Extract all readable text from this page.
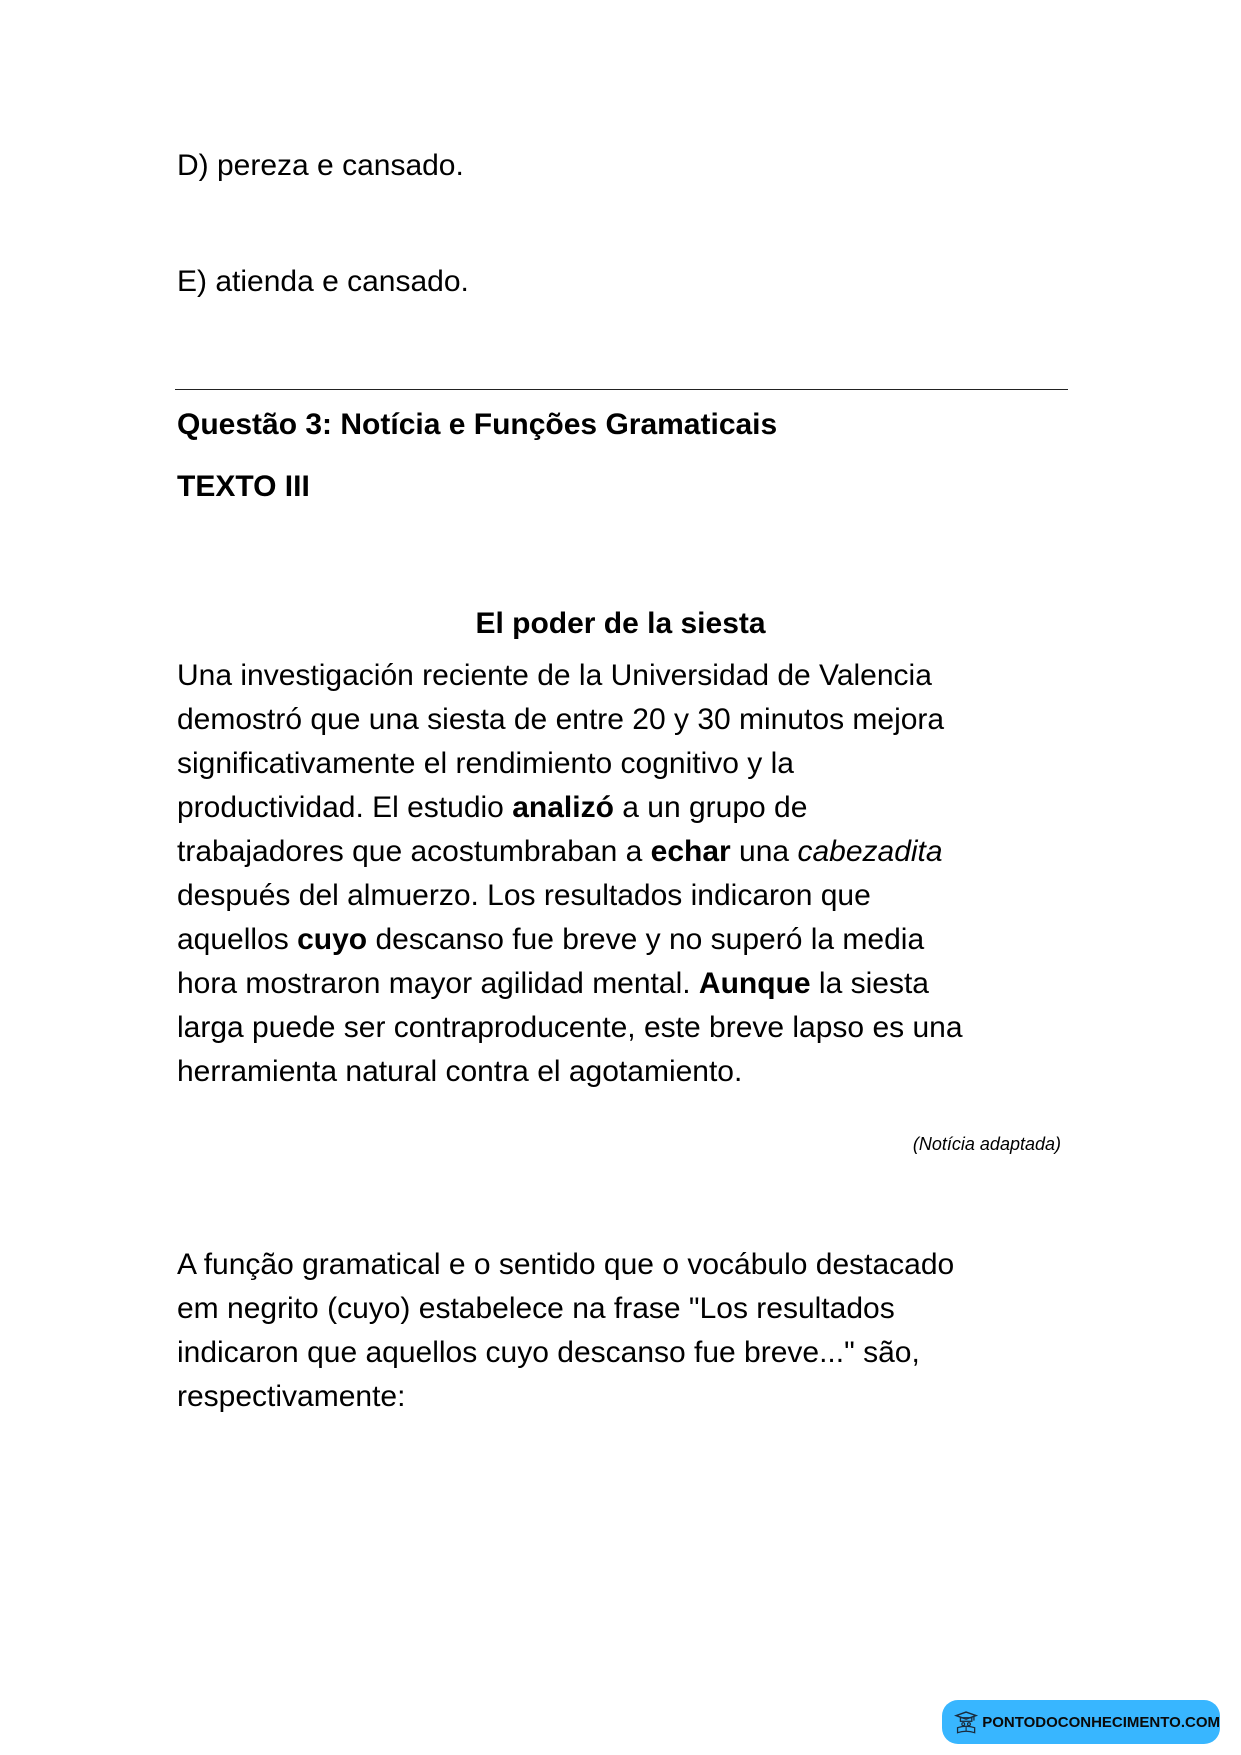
D) pereza e cansado.
E) atienda e cansado.
Questão 3: Notícia e Funções Gramaticais
TEXTO III
El poder de la siesta
Una investigación reciente de la Universidad de Valencia
demostró que una siesta de entre 20 y 30 minutos mejora
significativamente el rendimiento cognitivo y la
productividad. El estudio analizó a un grupo de
trabajadores que acostumbraban a echar una cabezadita
después del almuerzo. Los resultados indicaron que
aquellos cuyo descanso fue breve y no superó la media
hora mostraron mayor agilidad mental. Aunque la siesta
larga puede ser contraproducente, este breve lapso es una
herramienta natural contra el agotamiento.
(Notícia adaptada)
A função gramatical e o sentido que o vocábulo destacado
em negrito (cuyo) estabelece na frase "Los resultados
indicaron que aquellos cuyo descanso fue breve..." são,
respectivamente:
PONTODOCONHECIMENTO.COM
